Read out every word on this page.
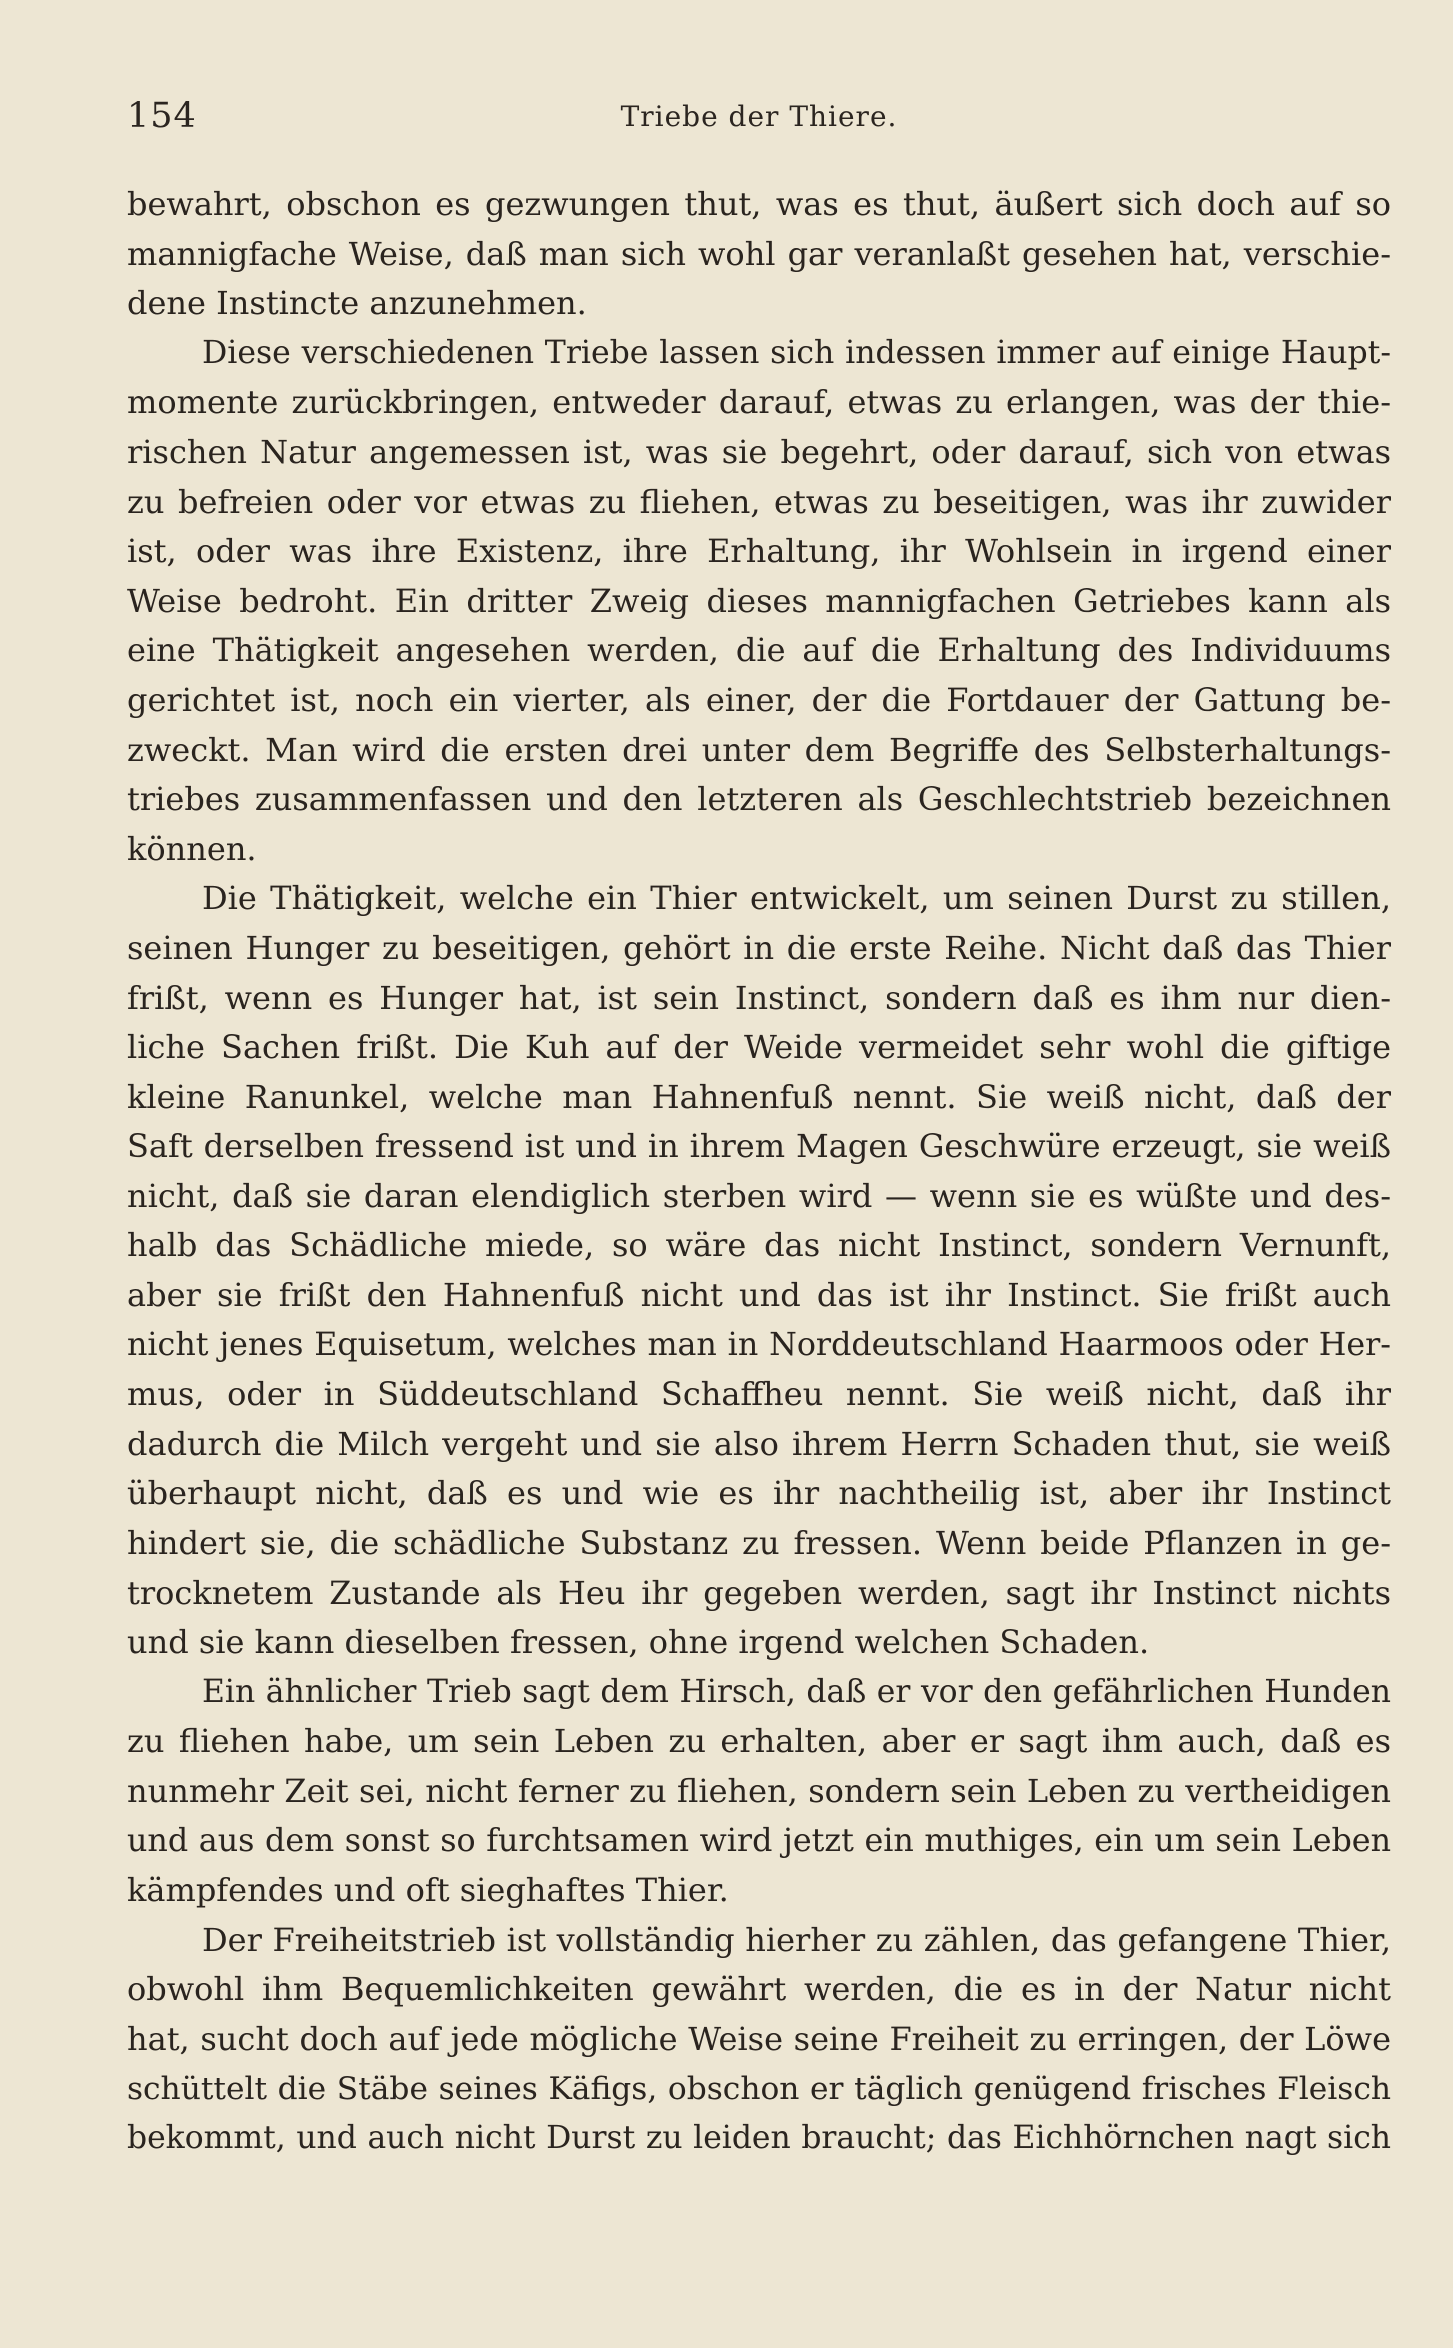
154	Triebe der Thiere.
bewahrt, obschon es gezwungen thut, was es thut, äußert sich doch auf so
mannigfache Weise, daß man sich wohl gar veranlaßt gesehen hat, verschie-
dene Instincte anzunehmen.
Diese verschiedenen Triebe lassen sich indessen immer auf einige Haupt-
momente zurückbringen, entweder darauf, etwas zu erlangen, was der thie-
rischen Natur angemessen ist, was sie begehrt, oder darauf, sich von etwas
zu befreien oder vor etwas zu fliehen, etwas zu beseitigen, was ihr zuwider
ist, oder was ihre Existenz, ihre Erhaltung, ihr Wohlsein in irgend einer
Weise bedroht. Ein dritter Zweig dieses mannigfachen Getriebes kann als
eine Thätigkeit angesehen werden, die auf die Erhaltung des Individuums
gerichtet ist, noch ein vierter, als einer, der die Fortdauer der Gattung be-
zweckt. Man wird die ersten drei unter dem Begriffe des Selbsterhaltungs-
triebes zusammenfassen und den letzteren als Geschlechtstrieb bezeichnen
können.
Die Thätigkeit, welche ein Thier entwickelt, um seinen Durst zu stillen,
seinen Hunger zu beseitigen, gehört in die erste Reihe. Nicht daß das Thier
frißt, wenn es Hunger hat, ist sein Instinct, sondern daß es ihm nur dien-
liche Sachen frißt. Die Kuh auf der Weide vermeidet sehr wohl die giftige
kleine Ranunkel, welche man Hahnenfuß nennt. Sie weiß nicht, daß der
Saft derselben fressend ist und in ihrem Magen Geschwüre erzeugt, sie weiß
nicht, daß sie daran elendiglich sterben wird — wenn sie es wüßte und des-
halb das Schädliche miede, so wäre das nicht Instinct, sondern Vernunft,
aber sie frißt den Hahnenfuß nicht und das ist ihr Instinct. Sie frißt auch
nicht jenes Equisetum, welches man in Norddeutschland Haarmoos oder Her-
mus, oder in Süddeutschland Schaffheu nennt. Sie weiß nicht, daß ihr
dadurch die Milch vergeht und sie also ihrem Herrn Schaden thut, sie weiß
überhaupt nicht, daß es und wie es ihr nachtheilig ist, aber ihr Instinct
hindert sie, die schädliche Substanz zu fressen. Wenn beide Pflanzen in ge-
trocknetem Zustande als Heu ihr gegeben werden, sagt ihr Instinct nichts
und sie kann dieselben fressen, ohne irgend welchen Schaden.
Ein ähnlicher Trieb sagt dem Hirsch, daß er vor den gefährlichen Hunden
zu fliehen habe, um sein Leben zu erhalten, aber er sagt ihm auch, daß es
nunmehr Zeit sei, nicht ferner zu fliehen, sondern sein Leben zu vertheidigen
und aus dem sonst so furchtsamen wird jetzt ein muthiges, ein um sein Leben
kämpfendes und oft sieghaftes Thier.
Der Freiheitstrieb ist vollständig hierher zu zählen, das gefangene Thier,
obwohl ihm Bequemlichkeiten gewährt werden, die es in der Natur nicht
hat, sucht doch auf jede mögliche Weise seine Freiheit zu erringen, der Löwe
schüttelt die Stäbe seines Käfigs, obschon er täglich genügend frisches Fleisch
bekommt, und auch nicht Durst zu leiden braucht; das Eichhörnchen nagt sich
